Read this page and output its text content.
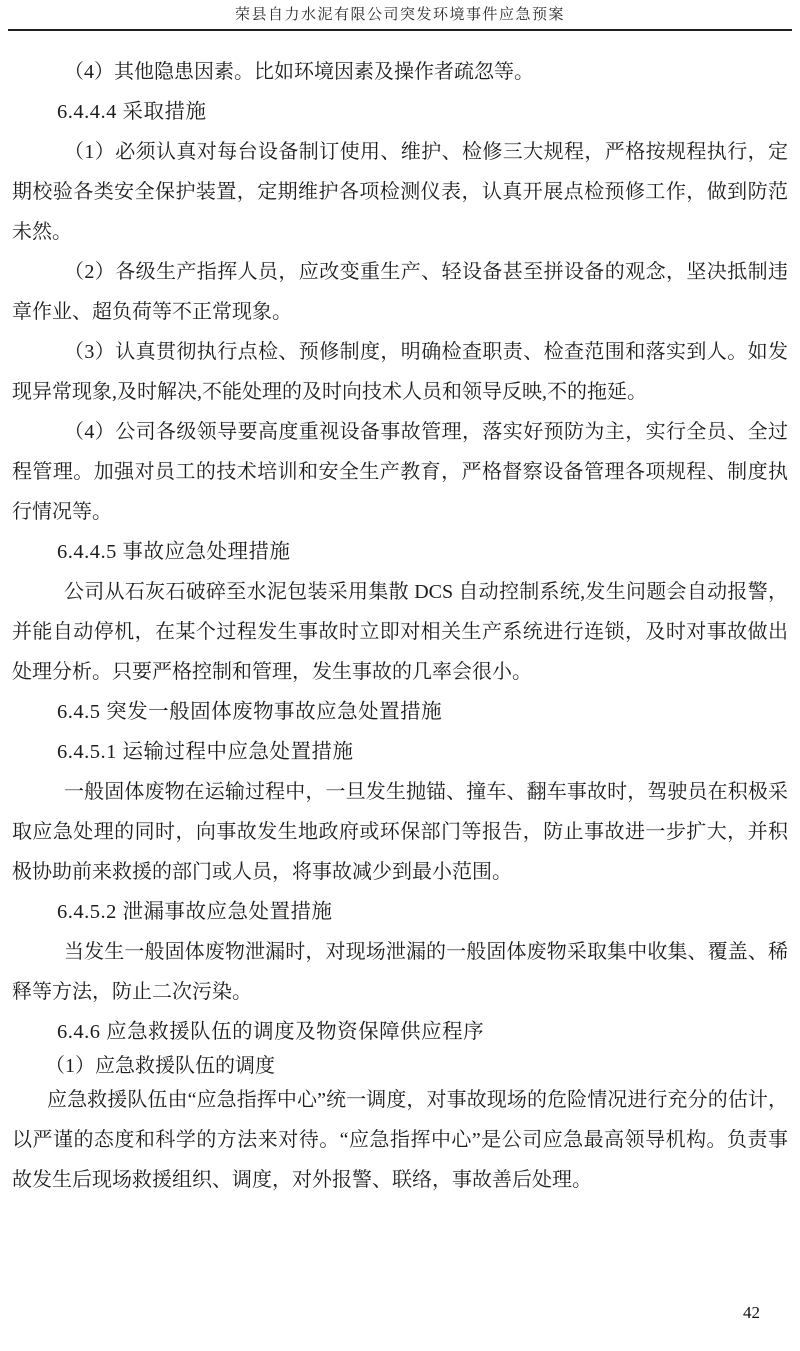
荣县自力水泥有限公司突发环境事件应急预案

（4）其他隐患因素。比如环境因素及操作者疏忽等。

6.4.4.4 采取措施

（1）必须认真对每台设备制订使用、维护、检修三大规程，严格按规程执行，定期校验各类安全保护装置，定期维护各项检测仪表，认真开展点检预修工作，做到防范未然。

（2）各级生产指挥人员，应改变重生产、轻设备甚至拼设备的观念，坚决抵制违章作业、超负荷等不正常现象。

（3）认真贯彻执行点检、预修制度，明确检查职责、检查范围和落实到人。如发现异常现象,及时解决,不能处理的及时向技术人员和领导反映,不的拖延。

（4）公司各级领导要高度重视设备事故管理，落实好预防为主，实行全员、全过程管理。加强对员工的技术培训和安全生产教育，严格督察设备管理各项规程、制度执行情况等。

6.4.4.5 事故应急处理措施

公司从石灰石破碎至水泥包装采用集散 DCS 自动控制系统,发生问题会自动报警，并能自动停机，在某个过程发生事故时立即对相关生产系统进行连锁，及时对事故做出处理分析。只要严格控制和管理，发生事故的几率会很小。

6.4.5 突发一般固体废物事故应急处置措施
6.4.5.1 运输过程中应急处置措施

一般固体废物在运输过程中，一旦发生抛锚、撞车、翻车事故时，驾驶员在积极采取应急处理的同时，向事故发生地政府或环保部门等报告，防止事故进一步扩大，并积极协助前来救援的部门或人员，将事故减少到最小范围。

6.4.5.2 泄漏事故应急处置措施

当发生一般固体废物泄漏时，对现场泄漏的一般固体废物采取集中收集、覆盖、稀释等方法，防止二次污染。

6.4.6 应急救援队伍的调度及物资保障供应程序
（1）应急救援队伍的调度

应急救援队伍由“应急指挥中心”统一调度，对事故现场的危险情况进行充分的估计，以严谨的态度和科学的方法来对待。“应急指挥中心”是公司应急最高领导机构。负责事故发生后现场救援组织、调度，对外报警、联络，事故善后处理。

42
